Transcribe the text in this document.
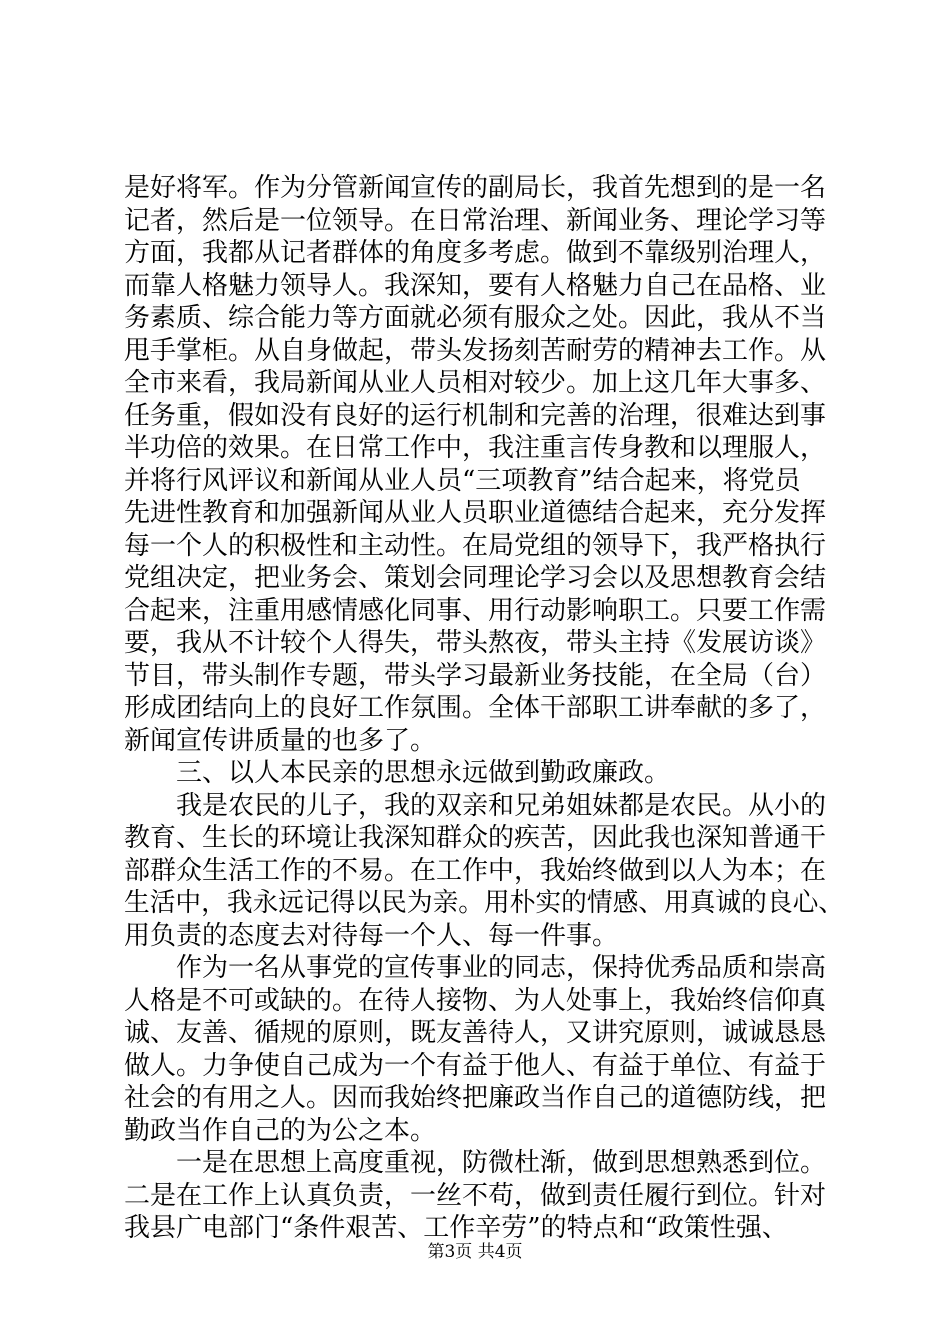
是好将军。作为分管新闻宣传的副局长，我首先想到的是一名
记者，然后是一位领导。在日常治理、新闻业务、理论学习等
方面，我都从记者群体的角度多考虑。做到不靠级别治理人，
而靠人格魅力领导人。我深知，要有人格魅力自己在品格、业
务素质、综合能力等方面就必须有服众之处。因此，我从不当
甩手掌柜。从自身做起，带头发扬刻苦耐劳的精神去工作。从
全市来看，我局新闻从业人员相对较少。加上这几年大事多、
任务重，假如没有良好的运行机制和完善的治理，很难达到事
半功倍的效果。在日常工作中，我注重言传身教和以理服人，
并将行风评议和新闻从业人员“三项教育”结合起来，将党员
先进性教育和加强新闻从业人员职业道德结合起来，充分发挥
每一个人的积极性和主动性。在局党组的领导下，我严格执行
党组决定，把业务会、策划会同理论学习会以及思想教育会结
合起来，注重用感情感化同事、用行动影响职工。只要工作需
要，我从不计较个人得失，带头熬夜，带头主持《发展访谈》
节目，带头制作专题，带头学习最新业务技能，在全局（台）
形成团结向上的良好工作氛围。全体干部职工讲奉献的多了，
新闻宣传讲质量的也多了。
　　三、以人本民亲的思想永远做到勤政廉政。
　　我是农民的儿子，我的双亲和兄弟姐妹都是农民。从小的
教育、生长的环境让我深知群众的疾苦，因此我也深知普通干
部群众生活工作的不易。在工作中，我始终做到以人为本；在
生活中，我永远记得以民为亲。用朴实的情感、用真诚的良心、
用负责的态度去对待每一个人、每一件事。
　　作为一名从事党的宣传事业的同志，保持优秀品质和崇高
人格是不可或缺的。在待人接物、为人处事上，我始终信仰真
诚、友善、循规的原则，既友善待人，又讲究原则，诚诚恳恳
做人。力争使自己成为一个有益于他人、有益于单位、有益于
社会的有用之人。因而我始终把廉政当作自己的道德防线，把
勤政当作自己的为公之本。
　　一是在思想上高度重视，防微杜渐，做到思想熟悉到位。
二是在工作上认真负责，一丝不苟，做到责任履行到位。针对
我县广电部门“条件艰苦、工作辛劳”的特点和“政策性强、
第3页 共4页
